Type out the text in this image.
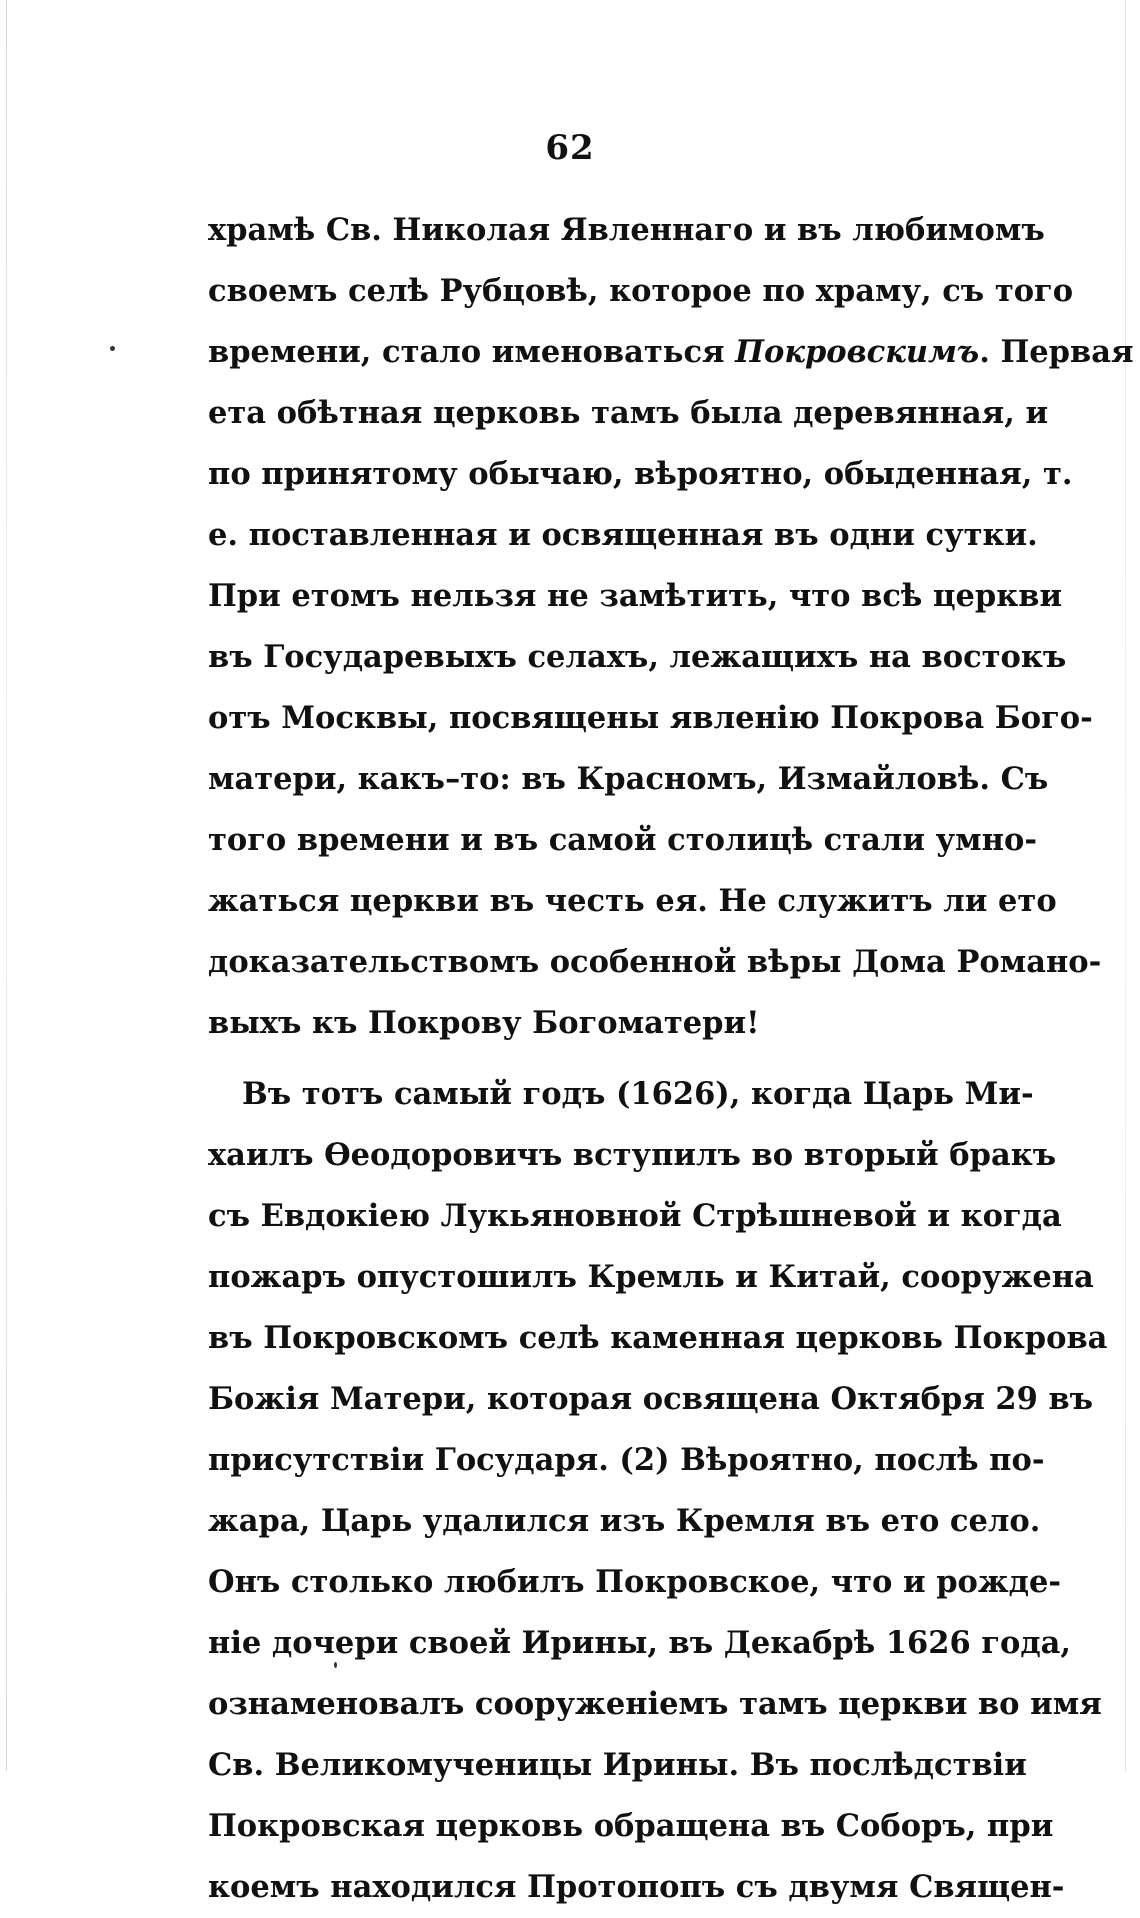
62
храмѣ Св. Николая Явленнаго и въ любимомъ
своемъ селѣ Рубцовѣ, которое по храму, съ того
времени, стало именоваться Покровскимъ. Первая
ета обѣтная церковь тамъ была деревянная, и
по принятому обычаю, вѣроятно, обыденная, т.
е. поставленная и освященная въ одни сутки.
При етомъ нельзя не замѣтить, что всѣ церкви
въ Государевыхъ селахъ, лежащихъ на востокъ
отъ Москвы, посвящены явленію Покрова Бого-
матери, какъ–то: въ Красномъ, Измайловѣ. Съ
того времени и въ самой столицѣ стали умно-
жаться церкви въ честь ея. Не служитъ ли ето
доказательствомъ особенной вѣры Дома Романо-
выхъ къ Покрову Богоматери!
Въ тотъ самый годъ (1626), когда Царь Ми-
хаилъ Ѳеодоровичъ вступилъ во вторый бракъ
съ Евдокіею Лукьяновной Стрѣшневой и когда
пожаръ опустошилъ Кремль и Китай, сооружена
въ Покровскомъ селѣ каменная церковь Покрова
Божія Матери, которая освящена Октября 29 въ
присутствіи Государя. (2) Вѣроятно, послѣ по-
жара, Царь удалился изъ Кремля въ ето село.
Онъ столько любилъ Покровское, что и рожде-
ніе дочери своей Ирины, въ Декабрѣ 1626 года,
ознаменовалъ сооруженіемъ тамъ церкви во имя
Св. Великомученицы Ирины. Въ послѣдствіи
Покровская церковь обращена въ Соборъ, при
коемъ находился Протопопъ съ двумя Священ-
